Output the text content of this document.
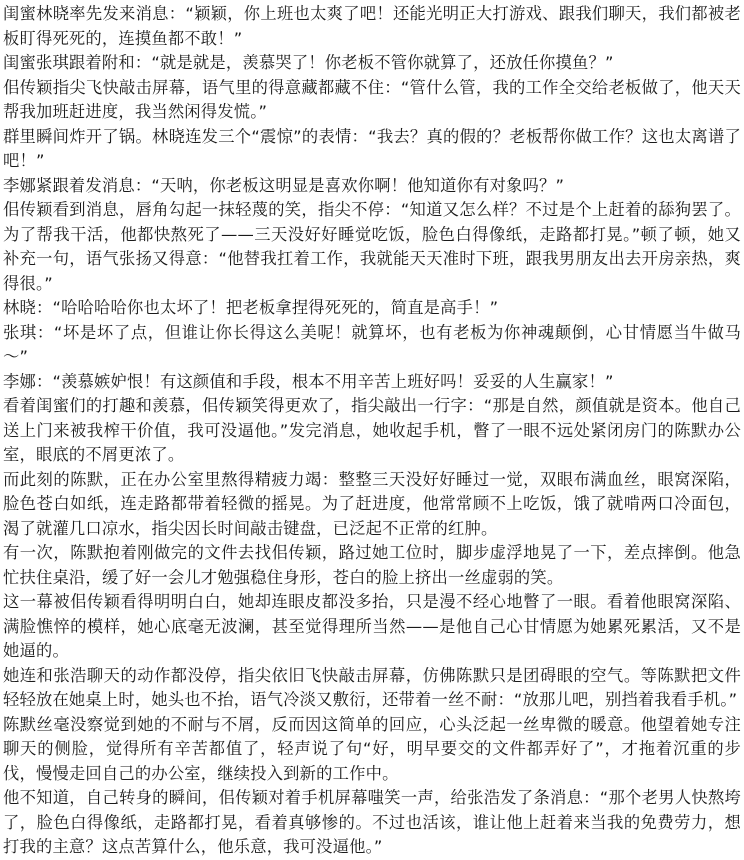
闺蜜林晓率先发来消息：“颖颖，你上班也太爽了吧！还能光明正大打游戏、跟我们聊天，我们都被老板盯得死死的，连摸鱼都不敢！”

闺蜜张琪跟着附和：“就是就是，羡慕哭了！你老板不管你就算了，还放任你摸鱼？”

佀传颖指尖飞快敲击屏幕，语气里的得意藏都藏不住：“管什么管，我的工作全交给老板做了，他天天帮我加班赶进度，我当然闲得发慌。”

群里瞬间炸开了锅。林晓连发三个“震惊”的表情：“我去？真的假的？老板帮你做工作？这也太离谱了吧！”

李娜紧跟着发消息：“天呐，你老板这明显是喜欢你啊！他知道你有对象吗？”

佀传颖看到消息，唇角勾起一抹轻蔑的笑，指尖不停：“知道又怎么样？不过是个上赶着的舔狗罢了。为了帮我干活，他都快熬死了——三天没好好睡觉吃饭，脸色白得像纸，走路都打晃。”顿了顿，她又补充一句，语气张扬又得意：“他替我扛着工作，我就能天天准时下班，跟我男朋友出去开房亲热，爽得很。”

林晓：“哈哈哈哈你也太坏了！把老板拿捏得死死的，简直是高手！”

张琪：“坏是坏了点，但谁让你长得这么美呢！就算坏，也有老板为你神魂颠倒，心甘情愿当牛做马～”

李娜：“羡慕嫉妒恨！有这颜值和手段，根本不用辛苦上班好吗！妥妥的人生赢家！”

看着闺蜜们的打趣和羡慕，佀传颖笑得更欢了，指尖敲出一行字：“那是自然，颜值就是资本。他自己送上门来被我榨干价值，我可没逼他。”发完消息，她收起手机，瞥了一眼不远处紧闭房门的陈默办公室，眼底的不屑更浓了。

而此刻的陈默，正在办公室里熬得精疲力竭：整整三天没好好睡过一觉，双眼布满血丝，眼窝深陷，脸色苍白如纸，连走路都带着轻微的摇晃。为了赶进度，他常常顾不上吃饭，饿了就啃两口冷面包，渴了就灌几口凉水，指尖因长时间敲击键盘，已泛起不正常的红肿。

有一次，陈默抱着刚做完的文件去找佀传颖，路过她工位时，脚步虚浮地晃了一下，差点摔倒。他急忙扶住桌沿，缓了好一会儿才勉强稳住身形，苍白的脸上挤出一丝虚弱的笑。

这一幕被佀传颖看得明明白白，她却连眼皮都没多抬，只是漫不经心地瞥了一眼。看着他眼窝深陷、满脸憔悴的模样，她心底毫无波澜，甚至觉得理所当然——是他自己心甘情愿为她累死累活，又不是她逼的。

她连和张浩聊天的动作都没停，指尖依旧飞快敲击屏幕，仿佛陈默只是团碍眼的空气。等陈默把文件轻轻放在她桌上时，她头也不抬，语气冷淡又敷衍，还带着一丝不耐：“放那儿吧，别挡着我看手机。”

陈默丝毫没察觉到她的不耐与不屑，反而因这简单的回应，心头泛起一丝卑微的暖意。他望着她专注聊天的侧脸，觉得所有辛苦都值了，轻声说了句“好，明早要交的文件都弄好了”，才拖着沉重的步伐，慢慢走回自己的办公室，继续投入到新的工作中。

他不知道，自己转身的瞬间，佀传颖对着手机屏幕嗤笑一声，给张浩发了条消息：“那个老男人快熬垮了，脸色白得像纸，走路都打晃，看着真够惨的。不过也活该，谁让他上赶着来当我的免费劳力，想打我的主意？这点苦算什么，他乐意，我可没逼他。”
